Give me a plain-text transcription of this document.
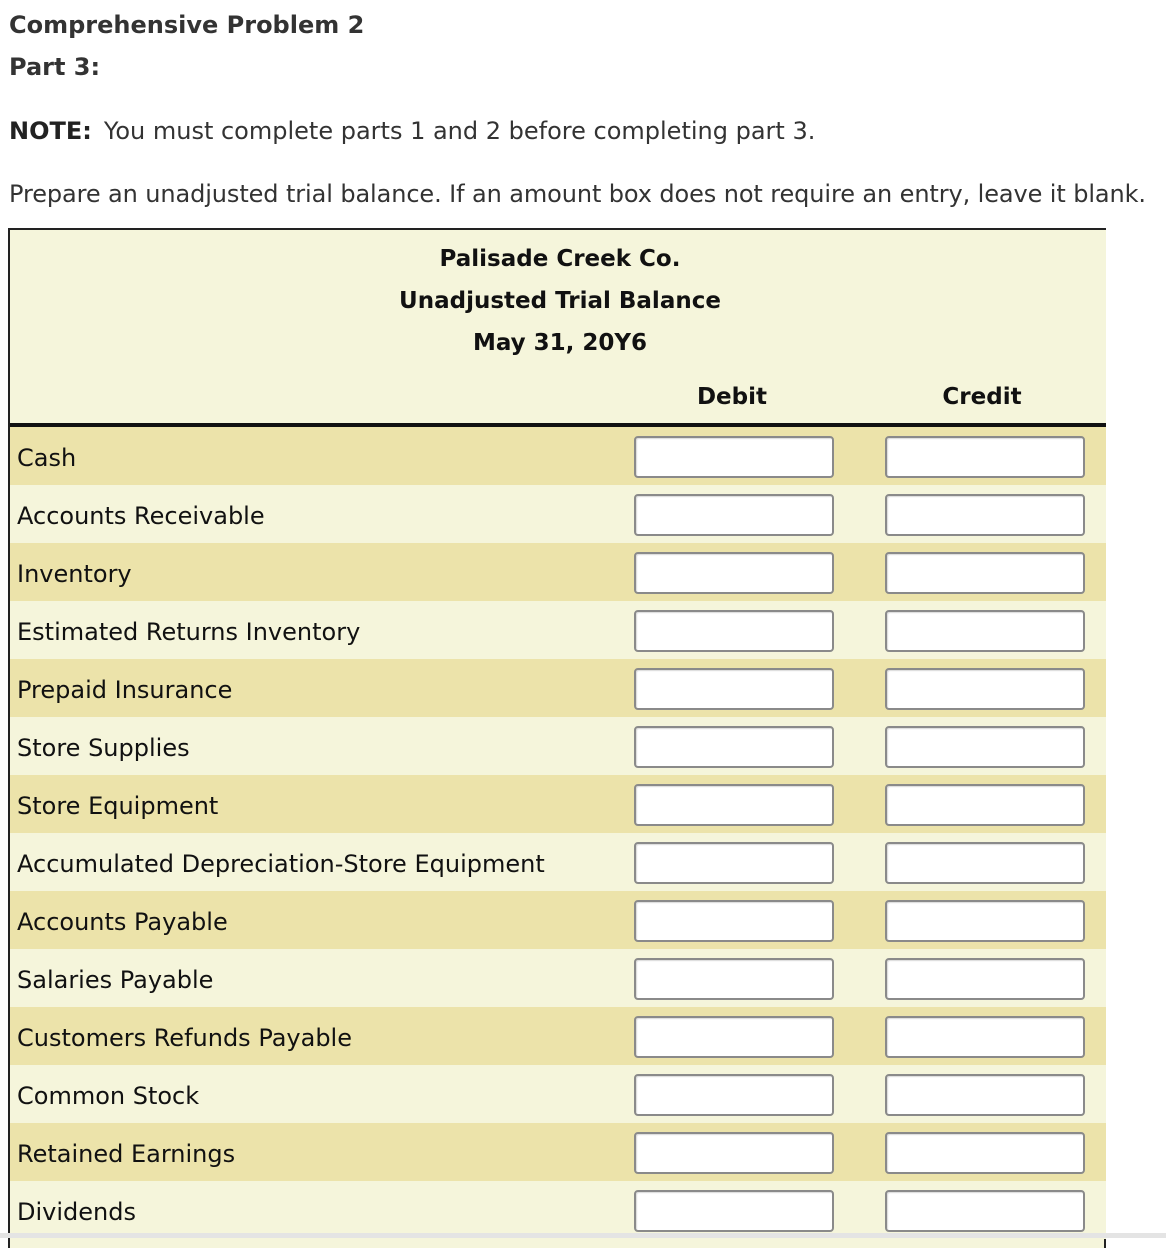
Comprehensive Problem 2
Part 3:

NOTE: You must complete parts 1 and 2 before completing part 3.

Prepare an unadjusted trial balance. If an amount box does not require an entry, leave it blank.

Palisade Creek Co.
Unadjusted Trial Balance
May 31, 20Y6
Debit	Credit
Cash
Accounts Receivable
Inventory
Estimated Returns Inventory
Prepaid Insurance
Store Supplies
Store Equipment
Accumulated Depreciation-Store Equipment
Accounts Payable
Salaries Payable
Customers Refunds Payable
Common Stock
Retained Earnings
Dividends
